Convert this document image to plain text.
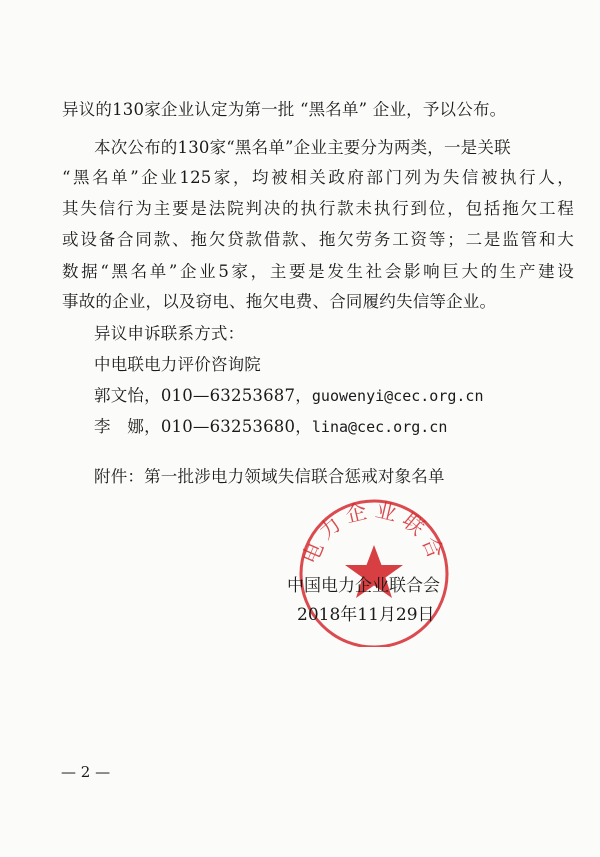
异议的130家企业认定为第一批 “黑名单” 企业，予以公布。
本次公布的130家“黑名单”企业主要分为两类，一是关联
“黑名单”企业125家，均被相关政府部门列为失信被执行人，
其失信行为主要是法院判决的执行款未执行到位，包括拖欠工程
或设备合同款、拖欠贷款借款、拖欠劳务工资等；二是监管和大
数据“黑名单”企业5家，主要是发生社会影响巨大的生产建设
事故的企业，以及窃电、拖欠电费、合同履约失信等企业。
异议申诉联系方式：
中电联电力评价咨询院
郭文怡，010—63253687，guowenyi@cec.org.cn
李　娜，010—63253680，lina@cec.org.cn
附件：第一批涉电力领域失信联合惩戒对象名单
电力企业联合
中国电力企业联合会
2018年11月29日
— 2 —
